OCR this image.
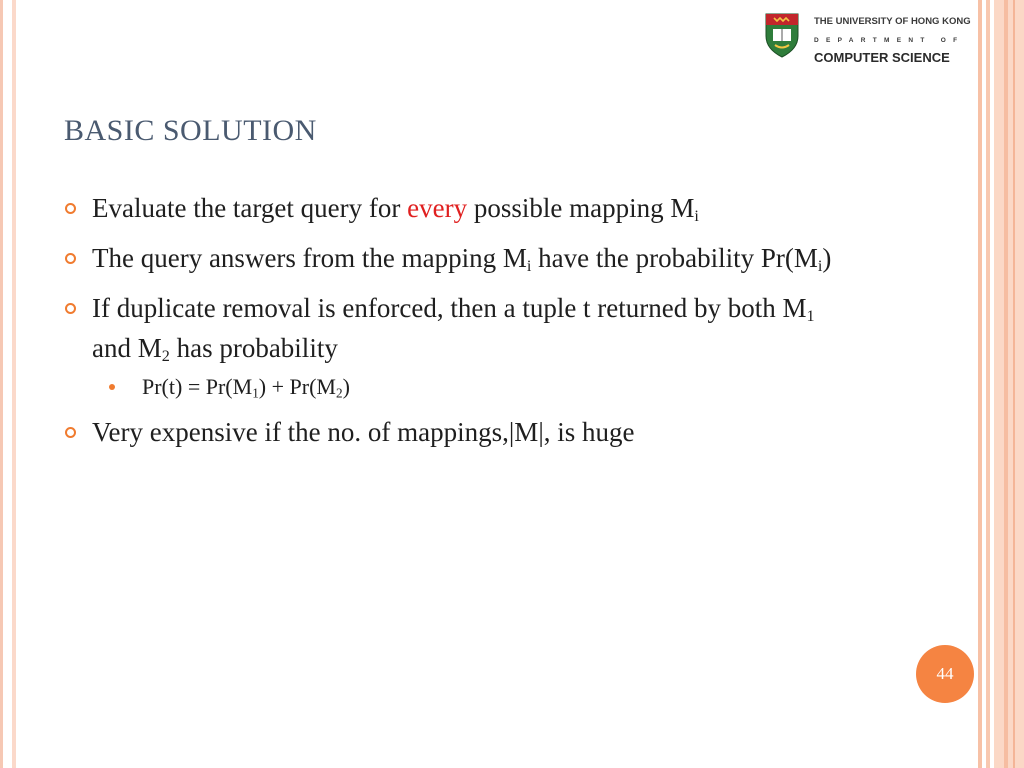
THE UNIVERSITY OF HONG KONG
DEPARTMENT OF
COMPUTER SCIENCE
BASIC SOLUTION
Evaluate the target query for every possible mapping $M_i$
The query answers from the mapping $M_i$ have the probability $Pr(M_i)$
If duplicate removal is enforced, then a tuple t returned by both $M_1$ and $M_2$ has probability
$Pr(t) = Pr(M_1) + Pr(M_2)$
Very expensive if the no. of mappings,|M|, is huge
44
